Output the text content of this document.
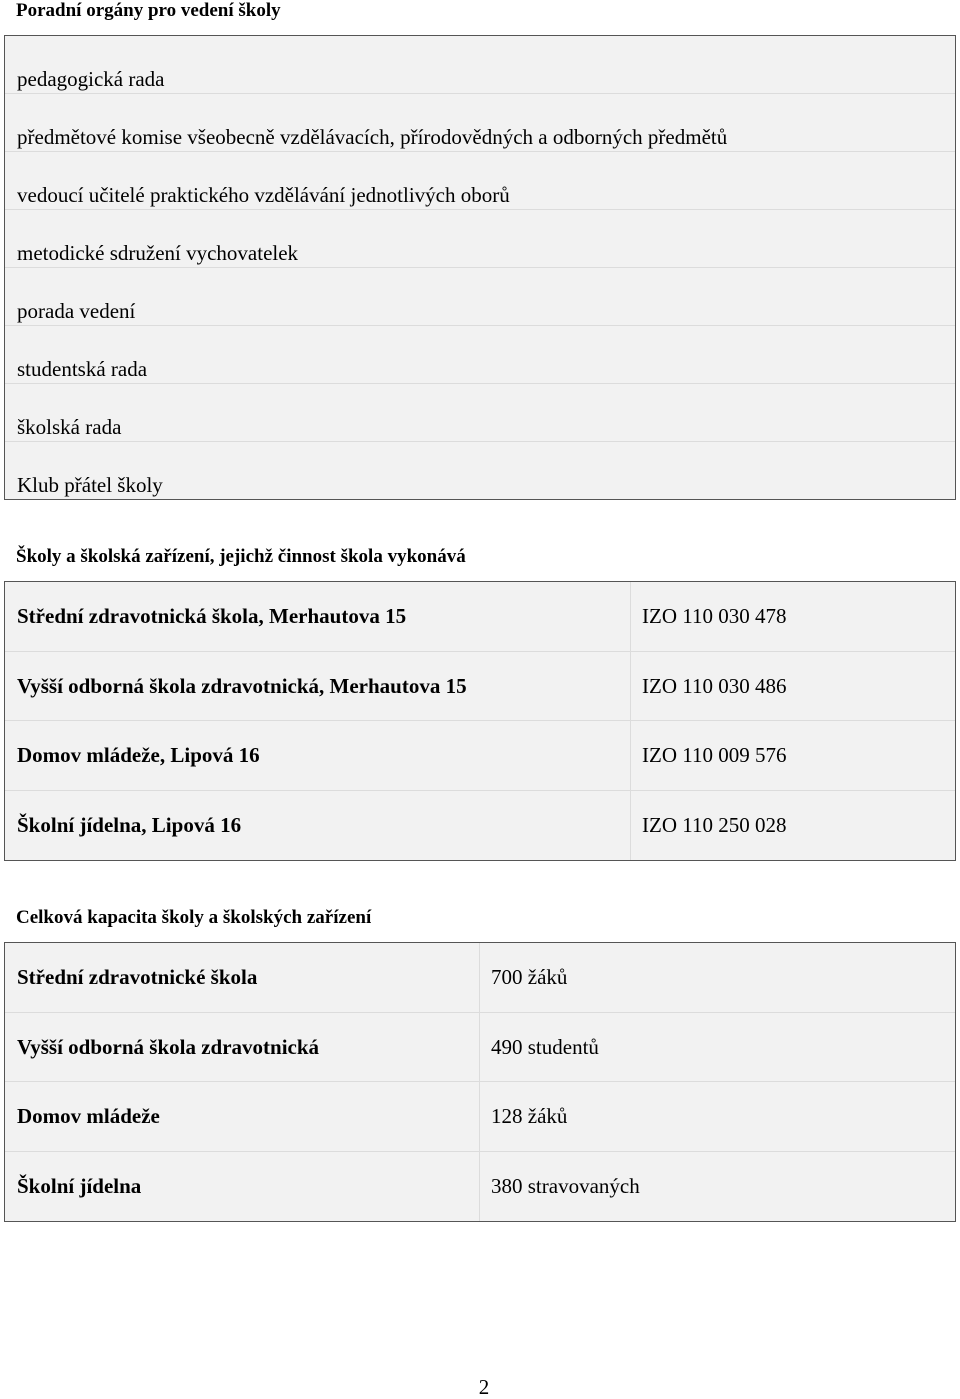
Poradní orgány pro vedení školy
pedagogická rada
předmětové komise všeobecně vzdělávacích, přírodovědných a odborných předmětů
vedoucí učitelé praktického vzdělávání jednotlivých oborů
metodické sdružení vychovatelek
porada vedení
studentská rada
školská rada
Klub přátel školy
Školy a školská zařízení, jejichž činnost škola vykonává
Střední zdravotnická škola, Merhautova 15	IZO 110 030 478
Vyšší odborná škola zdravotnická, Merhautova 15	IZO 110 030 486
Domov mládeže, Lipová 16	IZO 110 009 576
Školní jídelna, Lipová 16	IZO 110 250 028
Celková kapacita školy a školských zařízení
Střední zdravotnické škola	700 žáků
Vyšší odborná škola zdravotnická	490 studentů
Domov mládeže	128 žáků
Školní jídelna	380 stravovaných
2
